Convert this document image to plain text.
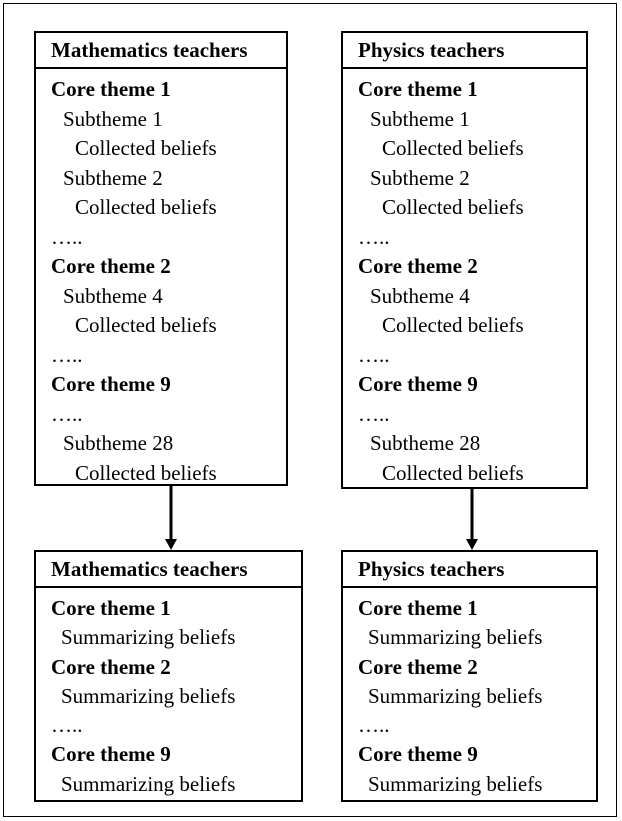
Mathematics teachers
Core theme 1
Subtheme 1
Collected beliefs
Subtheme 2
Collected beliefs
…..
Core theme 2
Subtheme 4
Collected beliefs
…..
Core theme 9
…..
Subtheme 28
Collected beliefs
Physics teachers
Core theme 1
Subtheme 1
Collected beliefs
Subtheme 2
Collected beliefs
…..
Core theme 2
Subtheme 4
Collected beliefs
…..
Core theme 9
…..
Subtheme 28
Collected beliefs
Mathematics teachers
Core theme 1
Summarizing beliefs
Core theme 2
Summarizing beliefs
…..
Core theme 9
Summarizing beliefs
Physics teachers
Core theme 1
Summarizing beliefs
Core theme 2
Summarizing beliefs
…..
Core theme 9
Summarizing beliefs
